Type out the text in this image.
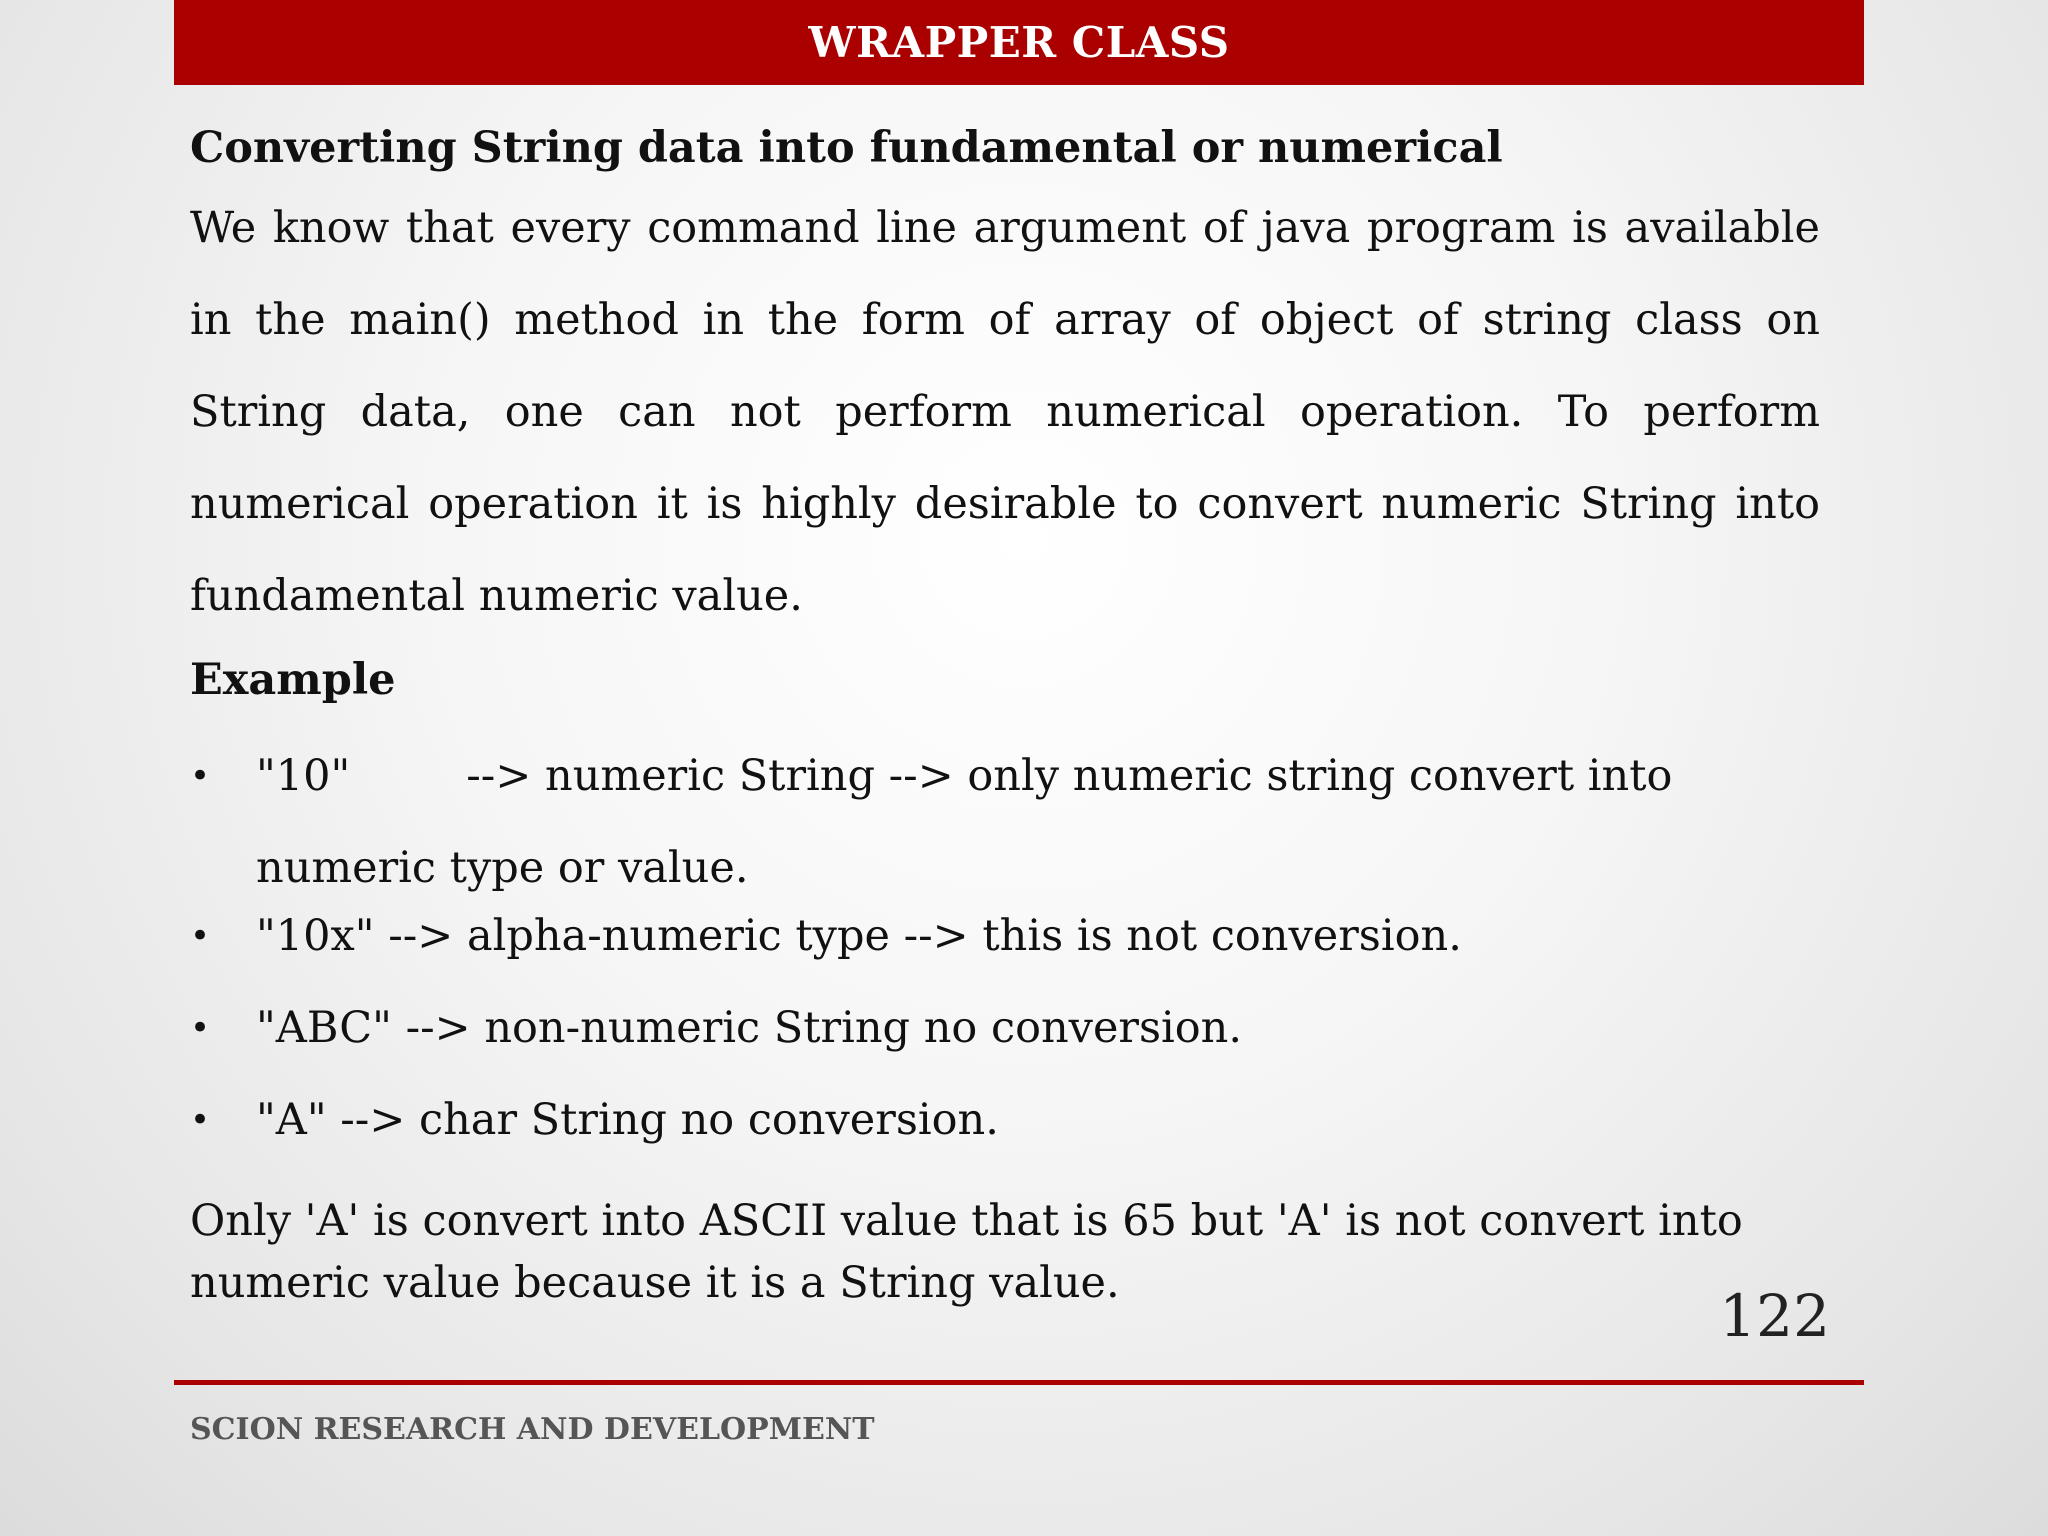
WRAPPER CLASS

Converting String data into fundamental or numerical

We know that every command line argument of java program is available in the main() method in the form of array of object of string class on String data, one can not perform numerical operation. To perform numerical operation it is highly desirable to convert numeric String into fundamental numeric value.

Example

• "10"	--> numeric String --> only numeric string convert into numeric type or value.
• "10x" --> alpha-numeric type --> this is not conversion.
• "ABC" --> non-numeric String no conversion.
• "A" --> char String no conversion.

Only 'A' is convert into ASCII value that is 65 but 'A' is not convert into numeric value because it is a String value.	122
SCION RESEARCH AND DEVELOPMENT
